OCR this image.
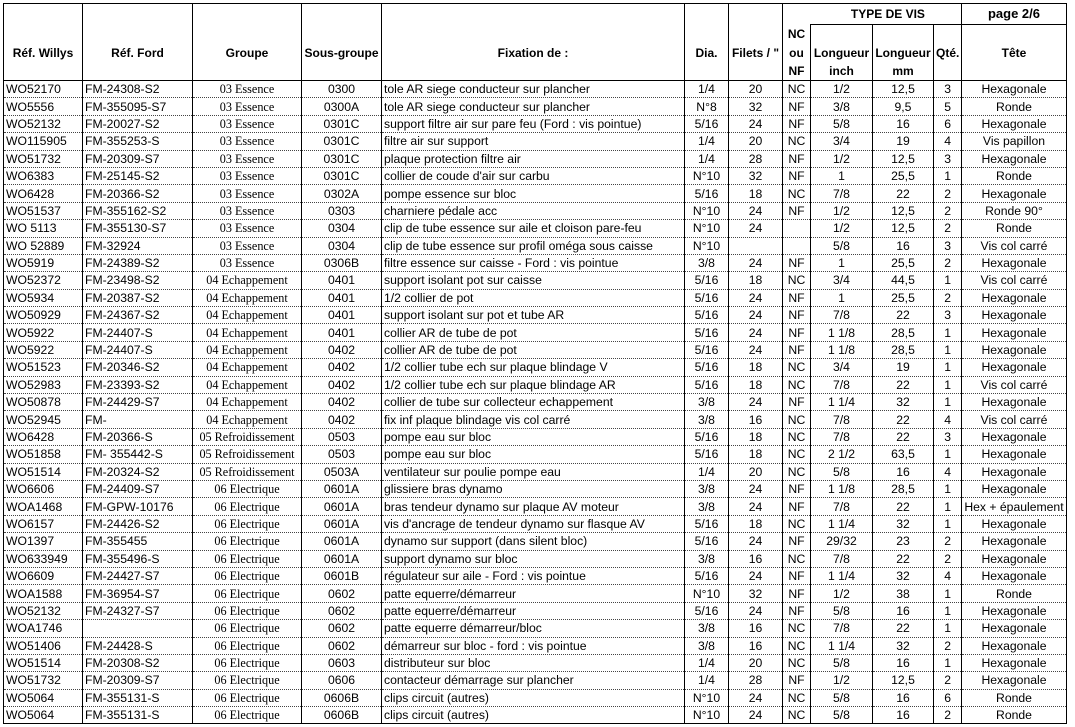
								TYPE DE VIS			page 2/6
							NC				
Réf. Willys	Réf. Ford	Groupe	Sous-groupe	Fixation de :	Dia.	Filets / "	ou	Longueur	Longueur	Qté.	Tête
							NF	inch	mm		
WO52170	FM-24308-S2	03 Essence	0300	tole AR siege conducteur sur plancher	1/4	20	NC	1/2	12,5	3	Hexagonale
WO5556	FM-355095-S7	03 Essence	0300A	tole AR siege conducteur sur plancher	N°8	32	NF	3/8	9,5	5	Ronde
WO52132	FM-20027-S2	03 Essence	0301C	support filtre air sur pare feu (Ford : vis pointue)	5/16	24	NF	5/8	16	6	Hexagonale
WO115905	FM-355253-S	03 Essence	0301C	filtre air sur support	1/4	20	NC	3/4	19	4	Vis papillon
WO51732	FM-20309-S7	03 Essence	0301C	plaque protection filtre air	1/4	28	NF	1/2	12,5	3	Hexagonale
WO6383	FM-25145-S2	03 Essence	0301C	collier de coude d'air sur carbu	N°10	32	NF	1	25,5	1	Ronde
WO6428	FM-20366-S2	03 Essence	0302A	pompe essence sur bloc	5/16	18	NC	7/8	22	2	Hexagonale
WO51537	FM-355162-S2	03 Essence	0303	charniere pédale acc	N°10	24	NF	1/2	12,5	2	Ronde 90°
WO 5113	FM-355130-S7	03 Essence	0304	clip de tube essence sur aile et cloison pare-feu	N°10	24		1/2	12,5	2	Ronde
WO 52889	FM-32924	03 Essence	0304	clip de tube essence sur profil oméga sous caisse	N°10			5/8	16	3	Vis col carré
WO5919	FM-24389-S2	03 Essence	0306B	filtre essence sur caisse - Ford : vis pointue	3/8	24	NF	1	25,5	2	Hexagonale
WO52372	FM-23498-S2	04 Echappement	0401	support isolant pot sur caisse	5/16	18	NC	3/4	44,5	1	Vis col carré
WO5934	FM-20387-S2	04 Echappement	0401	1/2 collier de pot	5/16	24	NF	1	25,5	2	Hexagonale
WO50929	FM-24367-S2	04 Echappement	0401	support isolant sur pot et tube AR	5/16	24	NF	7/8	22	3	Hexagonale
WO5922	FM-24407-S	04 Echappement	0401	collier AR de tube de pot	5/16	24	NF	1 1/8	28,5	1	Hexagonale
WO5922	FM-24407-S	04 Echappement	0402	collier AR de tube de pot	5/16	24	NF	1 1/8	28,5	1	Hexagonale
WO51523	FM-20346-S2	04 Echappement	0402	1/2 collier tube ech sur plaque blindage V	5/16	18	NC	3/4	19	1	Hexagonale
WO52983	FM-23393-S2	04 Echappement	0402	1/2 collier tube ech sur plaque blindage AR	5/16	18	NC	7/8	22	1	Vis col carré
WO50878	FM-24429-S7	04 Echappement	0402	collier de tube sur collecteur echappement	3/8	24	NF	1 1/4	32	1	Hexagonale
WO52945	FM-	04 Echappement	0402	fix inf plaque blindage vis col carré	3/8	16	NC	7/8	22	4	Vis col carré
WO6428	FM-20366-S	05 Refroidissement	0503	pompe eau sur bloc	5/16	18	NC	7/8	22	3	Hexagonale
WO51858	FM- 355442-S	05 Refroidissement	0503	pompe eau sur bloc	5/16	18	NC	2 1/2	63,5	1	Hexagonale
WO51514	FM-20324-S2	05 Refroidissement	0503A	ventilateur sur poulie pompe eau	1/4	20	NC	5/8	16	4	Hexagonale
WO6606	FM-24409-S7	06 Electrique	0601A	glissiere bras dynamo	3/8	24	NF	1 1/8	28,5	1	Hexagonale
WOA1468	FM-GPW-10176	06 Electrique	0601A	bras tendeur dynamo sur plaque AV moteur	3/8	24	NF	7/8	22	1	Hex + épaulement
WO6157	FM-24426-S2	06 Electrique	0601A	vis d'ancrage de tendeur dynamo sur flasque AV	5/16	18	NC	1 1/4	32	1	Hexagonale
WO1397	FM-355455	06 Electrique	0601A	dynamo sur support (dans silent bloc)	5/16	24	NF	29/32	23	2	Hexagonale
WO633949	FM-355496-S	06 Electrique	0601A	support dynamo sur bloc	3/8	16	NC	7/8	22	2	Hexagonale
WO6609	FM-24427-S7	06 Electrique	0601B	régulateur sur aile - Ford : vis pointue	5/16	24	NF	1 1/4	32	4	Hexagonale
WOA1588	FM-36954-S7	06 Electrique	0602	patte equerre/démarreur	N°10	32	NF	1/2	38	1	Ronde
WO52132	FM-24327-S7	06 Electrique	0602	patte equerre/démarreur	5/16	24	NF	5/8	16	1	Hexagonale
WOA1746		06 Electrique	0602	patte equerre démarreur/bloc	3/8	16	NC	7/8	22	1	Hexagonale
WO51406	FM-24428-S	06 Electrique	0602	démarreur sur bloc - ford : vis pointue	3/8	16	NC	1 1/4	32	2	Hexagonale
WO51514	FM-20308-S2	06 Electrique	0603	distributeur sur bloc	1/4	20	NC	5/8	16	1	Hexagonale
WO51732	FM-20309-S7	06 Electrique	0606	contacteur démarrage sur plancher	1/4	28	NF	1/2	12,5	2	Hexagonale
WO5064	FM-355131-S	06 Electrique	0606B	clips circuit (autres)	N°10	24	NC	5/8	16	6	Ronde
WO5064	FM-355131-S	06 Electrique	0606B	clips circuit (autres)	N°10	24	NC	5/8	16	2	Ronde
